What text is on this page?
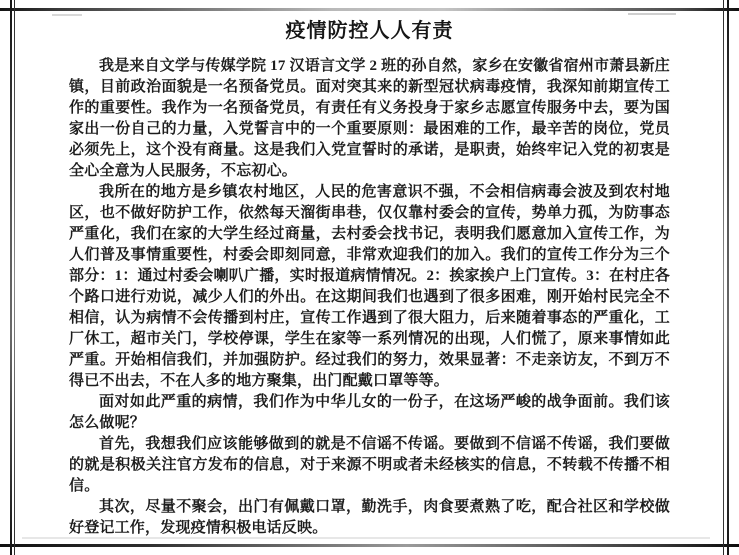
疫情防控人人有责

我是来自文学与传媒学院 17 汉语言文学 2 班的孙自然，家乡在安徽省宿州市萧县新庄镇，目前政治面貌是一名预备党员。面对突其来的新型冠状病毒疫情，我深知前期宣传工作的重要性。我作为一名预备党员，有责任有义务投身于家乡志愿宣传服务中去，要为国家出一份自己的力量，入党誓言中的一个重要原则：最困难的工作，最辛苦的岗位，党员必须先上，这个没有商量。这是我们入党宣誓时的承诺，是职责，始终牢记入党的初衷是全心全意为人民服务，不忘初心。

我所在的地方是乡镇农村地区，人民的危害意识不强，不会相信病毒会波及到农村地区，也不做好防护工作，依然每天溜街串巷，仅仅靠村委会的宣传，势单力孤，为防事态严重化，我们在家的大学生经过商量，去村委会找书记，表明我们愿意加入宣传工作，为人们普及事情重要性，村委会即刻同意，非常欢迎我们的加入。我们的宣传工作分为三个部分：1：通过村委会喇叭广播，实时报道病情情况。2：挨家挨户上门宣传。3：在村庄各个路口进行劝说，减少人们的外出。在这期间我们也遇到了很多困难，刚开始村民完全不相信，认为病情不会传播到村庄，宣传工作遇到了很大阻力，后来随着事态的严重化，工厂休工，超市关门，学校停课，学生在家等一系列情况的出现，人们慌了，原来事情如此严重。开始相信我们，并加强防护。经过我们的努力，效果显著：不走亲访友，不到万不得已不出去，不在人多的地方聚集，出门配戴口罩等等。

面对如此严重的病情，我们作为中华儿女的一份子，在这场严峻的战争面前。我们该怎么做呢？

首先，我想我们应该能够做到的就是不信谣不传谣。要做到不信谣不传谣，我们要做的就是积极关注官方发布的信息，对于来源不明或者未经核实的信息，不转载不传播不相信。

其次，尽量不聚会，出门有佩戴口罩，勤洗手，肉食要煮熟了吃，配合社区和学校做好登记工作，发现疫情积极电话反映。
